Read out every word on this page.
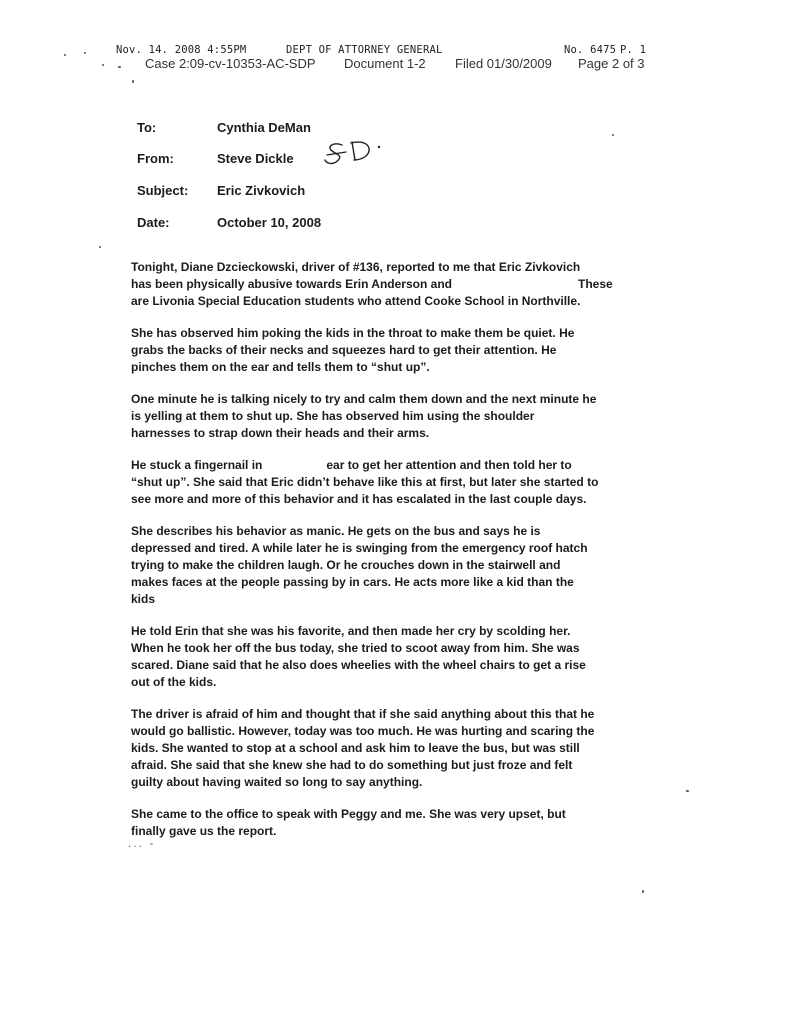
Nov. 14. 2008 4:55PM

	DEPT OF ATTORNEY GENERAL

	No. 6475

P. 1

Case 2:09-cv-10353-AC-SDP Document 1-2 Filed 01/30/2009 Page 2 of 3
To:	Cynthia DeMan
From:	Steve Dickle
Subject: Eric Zivkovich
Date:	October 10, 2008
Tonight, Diane Dzcieckowski, driver of #136, reported to me that Eric Zivkovich
has been physically abusive towards Erin Anderson and	These
are Livonia Special Education students who attend Cooke School in Northville.
She has observed him poking the kids in the throat to make them be quiet. He
grabs the backs of their necks and squeezes hard to get their attention. He
pinches them on the ear and tells them to “shut up”.
One minute he is talking nicely to try and calm them down and the next minute he
is yelling at them to shut up. She has observed him using the shoulder
harnesses to strap down their heads and their arms.
He stuck a fingernail in	ear to get her attention and then told her to
“shut up”. She said that Eric didn’t behave like this at first, but later she started to
see more and more of this behavior and it has escalated in the last couple days.
She describes his behavior as manic. He gets on the bus and says he is
depressed and tired. A while later he is swinging from the emergency roof hatch
trying to make the children laugh. Or he crouches down in the stairwell and
makes faces at the people passing by in cars. He acts more like a kid than the
kids
He told Erin that she was his favorite, and then made her cry by scolding her.
When he took her off the bus today, she tried to scoot away from him. She was
scared. Diane said that he also does wheelies with the wheel chairs to get a rise
out of the kids.
The driver is afraid of him and thought that if she said anything about this that he
would go ballistic. However, today was too much. He was hurting and scaring the
kids. She wanted to stop at a school and ask him to leave the bus, but was still
afraid. She said that she knew she had to do something but just froze and felt
guilty about having waited so long to say anything.
She came to the office to speak with Peggy and me. She was very upset, but
finally gave us the report.
... -
